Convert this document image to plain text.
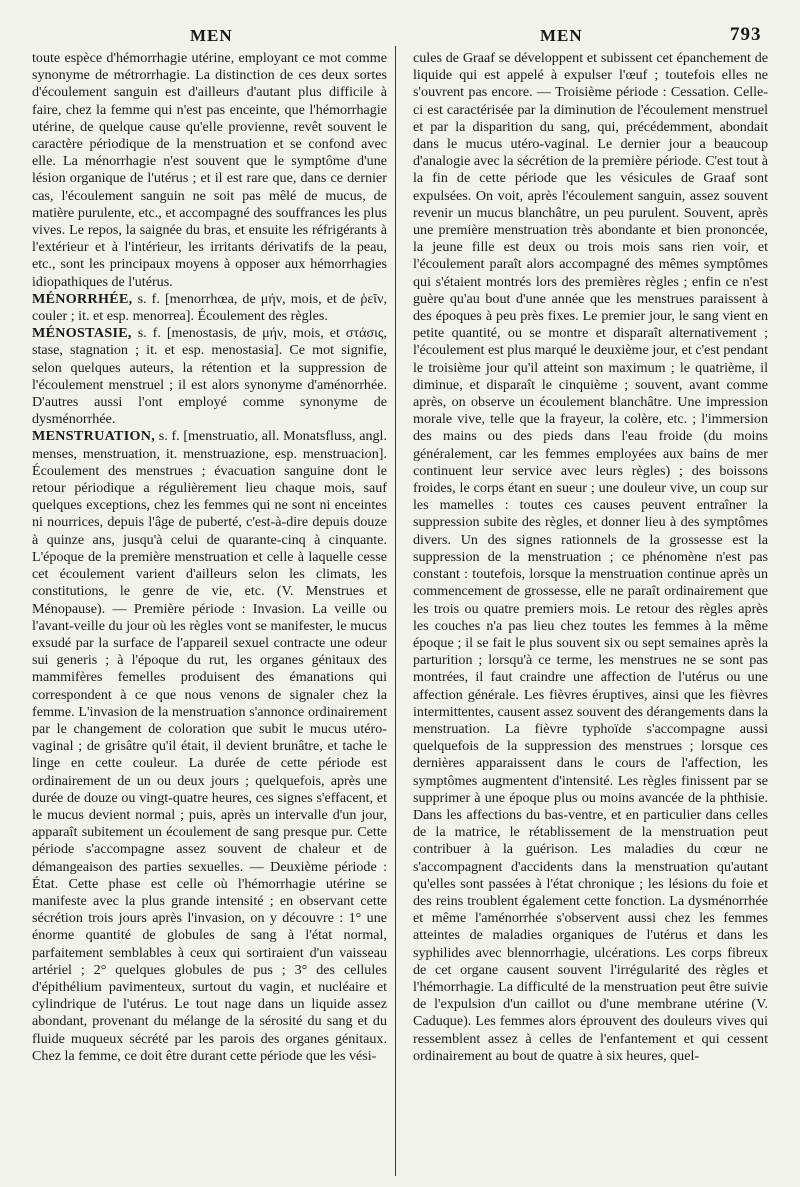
MEN	MEN	793

toute espèce d'hémorrhagie utérine, employant ce mot comme synonyme de métrorrhagie. La distinction de ces deux sortes d'écoulement sanguin est d'ailleurs d'autant plus difficile à faire, chez la femme qui n'est pas enceinte, que l'hémorrhagie utérine, de quelque cause qu'elle provienne, revêt souvent le caractère périodique de la menstruation et se confond avec elle. La ménorrhagie n'est souvent que le symptôme d'une lésion organique de l'utérus ; et il est rare que, dans ce dernier cas, l'écoulement sanguin ne soit pas mêlé de mucus, de matière purulente, etc., et accompagné des souffrances les plus vives. Le repos, la saignée du bras, et ensuite les réfrigérants à l'extérieur et à l'intérieur, les irritants dérivatifs de la peau, etc., sont les principaux moyens à opposer aux hémorrhagies idiopathiques de l'utérus.

MÉNORRHÉE, s. f. [menorrhœa, de μήν, mois, et de ῥεῖν, couler ; it. et esp. menorrea]. Écoulement des règles.

MÉNOSTASIE, s. f. [menostasis, de μήν, mois, et στάσις, stase, stagnation ; it. et esp. menostasia]. Ce mot signifie, selon quelques auteurs, la rétention et la suppression de l'écoulement menstruel ; il est alors synonyme d'aménorrhée. D'autres aussi l'ont employé comme synonyme de dysménorrhée.

MENSTRUATION, s. f. [menstruatio, all. Monatsfluss, angl. menses, menstruation, it. menstruazione, esp. menstruacion]. Écoulement des menstrues ; évacuation sanguine dont le retour périodique a régulièrement lieu chaque mois, sauf quelques exceptions, chez les femmes qui ne sont ni enceintes ni nourrices, depuis l'âge de puberté, c'est-à-dire depuis douze à quinze ans, jusqu'à celui de quarante-cinq à cinquante. L'époque de la première menstruation et celle à laquelle cesse cet écoulement varient d'ailleurs selon les climats, les constitutions, le genre de vie, etc. (V. Menstrues et Ménopause). — Première période : Invasion. La veille ou l'avant-veille du jour où les règles vont se manifester, le mucus exsudé par la surface de l'appareil sexuel contracte une odeur sui generis ; à l'époque du rut, les organes génitaux des mammifères femelles produisent des émanations qui correspondent à ce que nous venons de signaler chez la femme. L'invasion de la menstruation s'annonce ordinairement par le changement de coloration que subit le mucus utéro-vaginal ; de grisâtre qu'il était, il devient brunâtre, et tache le linge en cette couleur. La durée de cette période est ordinairement de un ou deux jours ; quelquefois, après une durée de douze ou vingt-quatre heures, ces signes s'effacent, et le mucus devient normal ; puis, après un intervalle d'un jour, apparaît subitement un écoulement de sang presque pur. Cette période s'accompagne assez souvent de chaleur et de démangeaison des parties sexuelles. — Deuxième période : État. Cette phase est celle où l'hémorrhagie utérine se manifeste avec la plus grande intensité ; en observant cette sécrétion trois jours après l'invasion, on y découvre : 1° une énorme quantité de globules de sang à l'état normal, parfaitement semblables à ceux qui sortiraient d'un vaisseau artériel ; 2° quelques globules de pus ; 3° des cellules d'épithélium pavimenteux, surtout du vagin, et nucléaire et cylindrique de l'utérus. Le tout nage dans un liquide assez abondant, provenant du mélange de la sérosité du sang et du fluide muqueux sécrété par les parois des organes génitaux. Chez la femme, ce doit être durant cette période que les vési-

cules de Graaf se développent et subissent cet épanchement de liquide qui est appelé à expulser l'œuf ; toutefois elles ne s'ouvrent pas encore. — Troisième période : Cessation. Celle-ci est caractérisée par la diminution de l'écoulement menstruel et par la disparition du sang, qui, précédemment, abondait dans le mucus utéro-vaginal. Le dernier jour a beaucoup d'analogie avec la sécrétion de la première période. C'est tout à la fin de cette période que les vésicules de Graaf sont expulsées. On voit, après l'écoulement sanguin, assez souvent revenir un mucus blanchâtre, un peu purulent. Souvent, après une première menstruation très abondante et bien prononcée, la jeune fille est deux ou trois mois sans rien voir, et l'écoulement paraît alors accompagné des mêmes symptômes qui s'étaient montrés lors des premières règles ; enfin ce n'est guère qu'au bout d'une année que les menstrues paraissent à des époques à peu près fixes. Le premier jour, le sang vient en petite quantité, ou se montre et disparaît alternativement ; l'écoulement est plus marqué le deuxième jour, et c'est pendant le troisième jour qu'il atteint son maximum ; le quatrième, il diminue, et disparaît le cinquième ; souvent, avant comme après, on observe un écoulement blanchâtre. Une impression morale vive, telle que la frayeur, la colère, etc. ; l'immersion des mains ou des pieds dans l'eau froide (du moins généralement, car les femmes employées aux bains de mer continuent leur service avec leurs règles) ; des boissons froides, le corps étant en sueur ; une douleur vive, un coup sur les mamelles : toutes ces causes peuvent entraîner la suppression subite des règles, et donner lieu à des symptômes divers. Un des signes rationnels de la grossesse est la suppression de la menstruation ; ce phénomène n'est pas constant : toutefois, lorsque la menstruation continue après un commencement de grossesse, elle ne paraît ordinairement que les trois ou quatre premiers mois. Le retour des règles après les couches n'a pas lieu chez toutes les femmes à la même époque ; il se fait le plus souvent six ou sept semaines après la parturition ; lorsqu'à ce terme, les menstrues ne se sont pas montrées, il faut craindre une affection de l'utérus ou une affection générale. Les fièvres éruptives, ainsi que les fièvres intermittentes, causent assez souvent des dérangements dans la menstruation. La fièvre typhoïde s'accompagne aussi quelquefois de la suppression des menstrues ; lorsque ces dernières apparaissent dans le cours de l'affection, les symptômes augmentent d'intensité. Les règles finissent par se supprimer à une époque plus ou moins avancée de la phthisie. Dans les affections du bas-ventre, et en particulier dans celles de la matrice, le rétablissement de la menstruation peut contribuer à la guérison. Les maladies du cœur ne s'accompagnent d'accidents dans la menstruation qu'autant qu'elles sont passées à l'état chronique ; les lésions du foie et des reins troublent également cette fonction. La dysménorrhée et même l'aménorrhée s'observent aussi chez les femmes atteintes de maladies organiques de l'utérus et dans les syphilides avec blennorrhagie, ulcérations. Les corps fibreux de cet organe causent souvent l'irrégularité des règles et l'hémorrhagie. La difficulté de la menstruation peut être suivie de l'expulsion d'un caillot ou d'une membrane utérine (V. Caduque). Les femmes alors éprouvent des douleurs vives qui ressemblent assez à celles de l'enfantement et qui cessent ordinairement au bout de quatre à six heures, quel-
